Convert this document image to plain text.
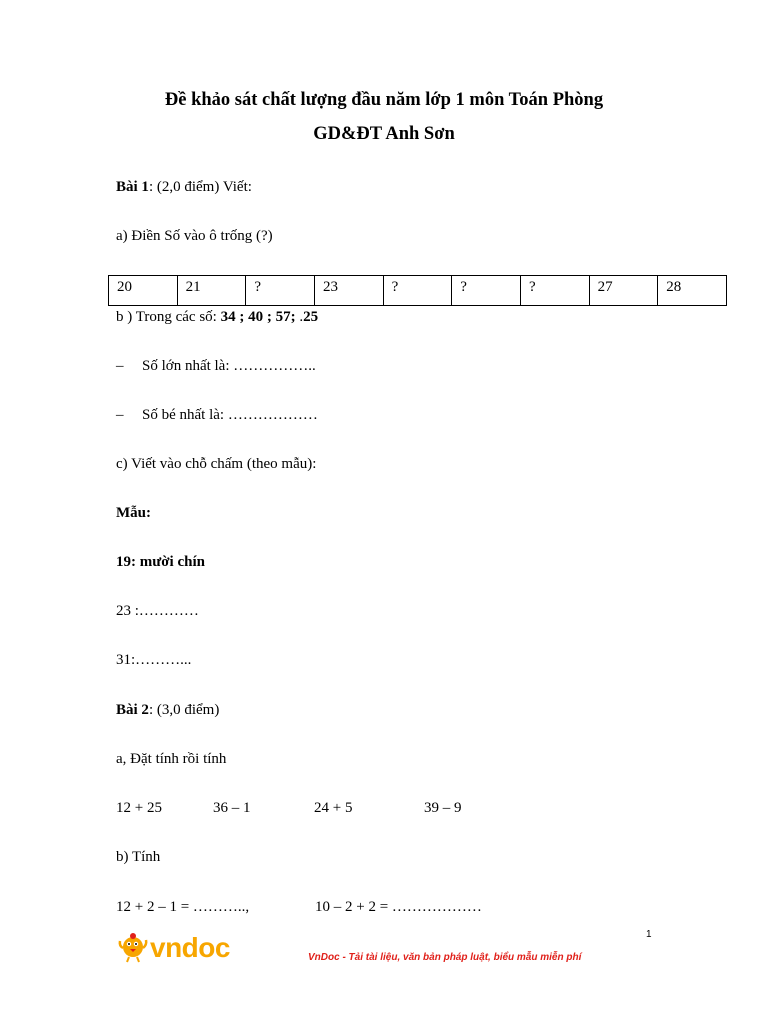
Đề khảo sát chất lượng đầu năm lớp 1 môn Toán Phòng
GD&ĐT Anh Sơn
Bài 1: (2,0 điểm) Viết:
a) Điền Số vào ô trống (?)
20	21	?	23	?	?	?	27	28
b ) Trong các số: 34 ; 40 ; 57; .25
– Số lớn nhất là: ……………..
– Số bé nhất là: ………………
c) Viết vào chỗ chấm (theo mẫu):
Mẫu:
19: mười chín
23 :…………
31:………...
Bài 2: (3,0 điểm)
a, Đặt tính rồi tính
12 + 25	36 – 1	24 + 5	39 – 9
b) Tính
12 + 2 – 1 = ………..,	10 – 2 + 2 = ………………
1
vndoc	VnDoc - Tải tài liệu, văn bản pháp luật, biểu mẫu miễn phí
